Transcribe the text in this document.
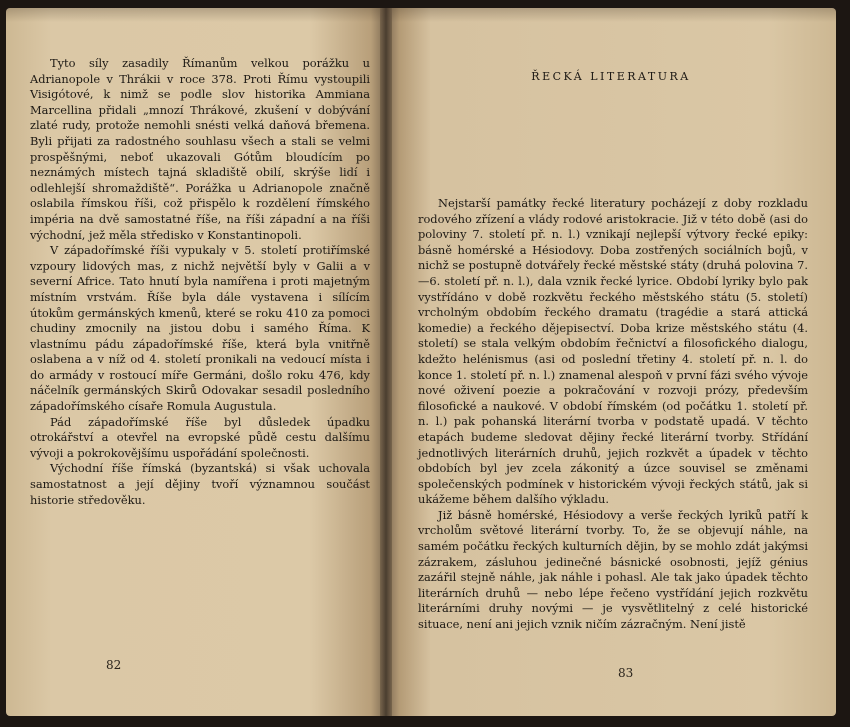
Tyto síly zasadily Římanům velkou porážku u Adrianopole v Thrákii v roce 378. Proti Římu vystoupili Visigótové, k nimž se podle slov historika Ammiana Marcellina přidali „mnozí Thrákové, zkušení v dobývání zlaté rudy, protože nemohli snésti velká daňová břemena. Byli přijati za radostného souhlasu všech a stali se velmi prospěšnými, neboť ukazovali Gótům bloudícím po neznámých místech tajná skladiště obilí, skrýše lidí i odlehlejší shromaždiště“. Porážka u Adrianopole značně oslabila římskou říši, což přispělo k rozdělení římského impéria na dvě samostatné říše, na říši západní a na říši východní, jež měla středisko v Konstantinopoli.

V západořímské říši vypukaly v 5. století protiřímské vzpoury lidových mas, z nichž největší byly v Galii a v severní Africe. Tato hnutí byla namířena i proti majetným místním vrstvám. Říše byla dále vystavena i sílícím útokům germánských kmenů, které se roku 410 za pomoci chudiny zmocnily na jistou dobu i samého Říma. K vlastnímu pádu západořímské říše, která byla vnitřně oslabena a v níž od 4. století pronikali na vedoucí místa i do armády v rostoucí míře Germáni, došlo roku 476, kdy náčelník germánských Skirů Odovakar sesadil posledního západořímského císaře Romula Augustula.

Pád západořímské říše byl důsledek úpadku otrokářství a otevřel na evropské půdě cestu dalšímu vývoji a pokrokovějšímu uspořádání společnosti.

Východní říše římská (byzantská) si však uchovala samostatnost a její dějiny tvoří významnou součást historie středověku.

82
ŘECKÁ LITERATURA

Nejstarší památky řecké literatury pocházejí z doby rozkladu rodového zřízení a vlády rodové aristokracie. Již v této době (asi do poloviny 7. století př. n. l.) vznikají nejlepší výtvory řecké epiky: básně homérské a Hésiodovy. Doba zostřených sociálních bojů, v nichž se postupně dotvářely řecké městské státy (druhá polovina 7.—6. století př. n. l.), dala vznik řecké lyrice. Období lyriky bylo pak vystřídáno v době rozkvětu řeckého městského státu (5. století) vrcholným obdobím řeckého dramatu (tragédie a stará attická komedie) a řeckého dějepisectví. Doba krize městského státu (4. století) se stala velkým obdobím řečnictví a filosofického dialogu, kdežto helénismus (asi od poslední třetiny 4. století př. n. l. do konce 1. století př. n. l.) znamenal alespoň v první fázi svého vývoje nové oživení poezie a pokračování v rozvoji prózy, především filosofické a naukové. V období římském (od počátku 1. století př. n. l.) pak pohanská literární tvorba v podstatě upadá. V těchto etapách budeme sledovat dějiny řecké literární tvorby. Střídání jednotlivých literárních druhů, jejich rozkvět a úpadek v těchto obdobích byl jev zcela zákonitý a úzce souvisel se změnami společenských podmínek v historickém vývoji řeckých států, jak si ukážeme během dalšího výkladu.

Již básně homérské, Hésiodovy a verše řeckých lyriků patří k vrcholům světové literární tvorby. To, že se objevují náhle, na samém počátku řeckých kulturních dějin, by se mohlo zdát jakýmsi zázrakem, zásluhou jedinečné básnické osobnosti, jejíž génius zazářil stejně náhle, jak náhle i pohasl. Ale tak jako úpadek těchto literárních druhů — nebo lépe řečeno vystřídání jejich rozkvětu literárními druhy novými — je vysvětlitelný z celé historické situace, není ani jejich vznik ničím zázračným. Není jistě

83
